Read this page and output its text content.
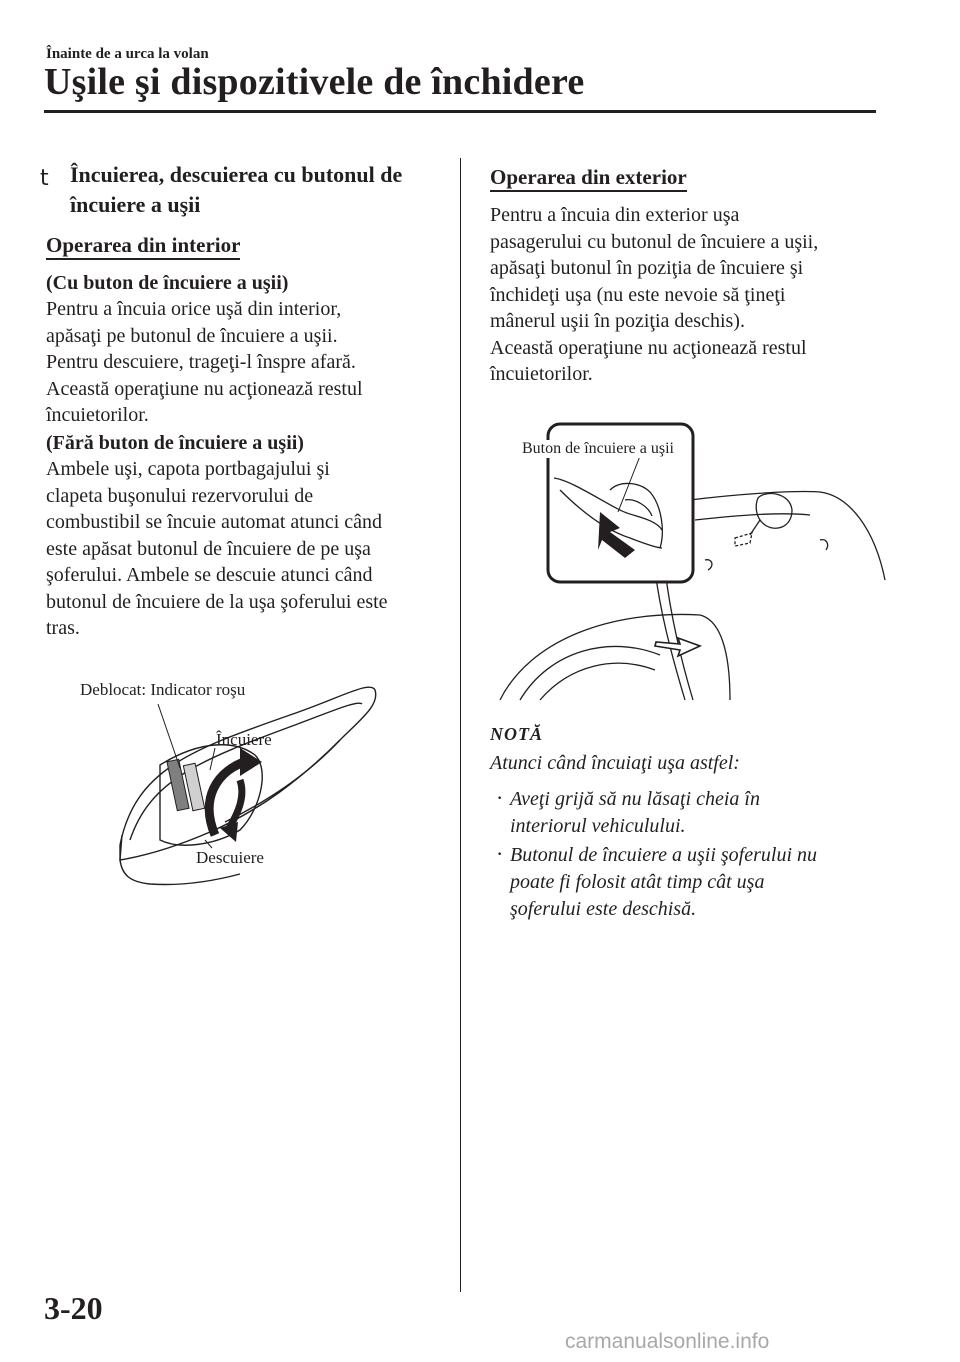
Înainte de a urca la volan
Uşile şi dispozitivele de închidere
t Încuierea, descuierea cu butonul de
încuiere a uşii
Operarea din interior
(Cu buton de încuiere a uşii)
Pentru a încuia orice uşă din interior,
apăsaţi pe butonul de încuiere a uşii.
Pentru descuiere, trageţi-l înspre afară.
Această operaţiune nu acţionează restul
încuietorilor.
(Fără buton de încuiere a uşii)
Ambele uşi, capota portbagajului şi
clapeta buşonului rezervorului de
combustibil se încuie automat atunci când
este apăsat butonul de încuiere de pe uşa
şoferului. Ambele se descuie atunci când
butonul de încuiere de la uşa şoferului este
tras.
Deblocat: Indicator roşu
Încuiere
Descuiere
Operarea din exterior
Pentru a încuia din exterior uşa
pasagerului cu butonul de încuiere a uşii,
apăsaţi butonul în poziţia de încuiere şi
închideţi uşa (nu este nevoie să ţineţi
mânerul uşii în poziţia deschis).
Această operaţiune nu acţionează restul
încuietorilor.
Buton de încuiere a uşii
NOTĂ
Atunci când încuiaţi uşa astfel:
· Aveţi grijă să nu lăsaţi cheia în
interiorul vehiculului.
· Butonul de încuiere a uşii şoferului nu
poate fi folosit atât timp cât uşa
şoferului este deschisă.
3-20
carmanualsonline.info
